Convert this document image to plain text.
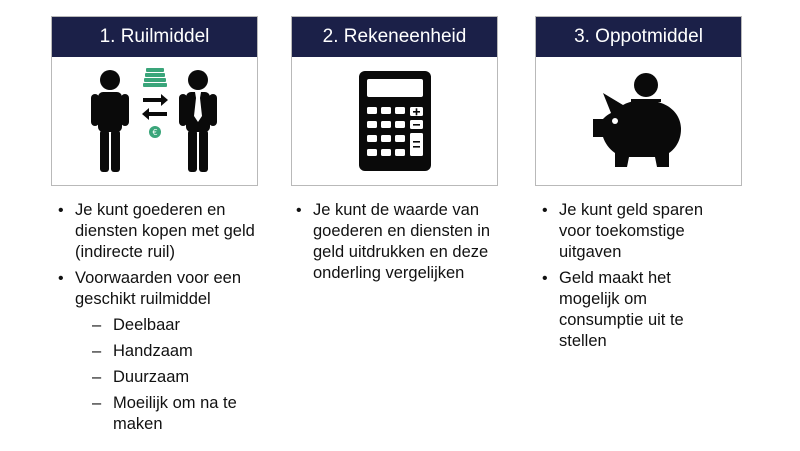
1. Ruilmiddel
€
2. Rekeneenheid	3. Oppotmiddel
• Je kunt goederen en diensten kopen met geld (indirecte ruil)
• Voorwaarden voor een geschikt ruilmiddel
– Deelbaar
– Handzaam
– Duurzaam
– Moeilijk om na te maken
• Je kunt de waarde van goederen en diensten in geld uitdrukken en deze onderling vergelijken
• Je kunt geld sparen voor toekomstige uitgaven
• Geld maakt het mogelijk om consumptie uit te stellen
